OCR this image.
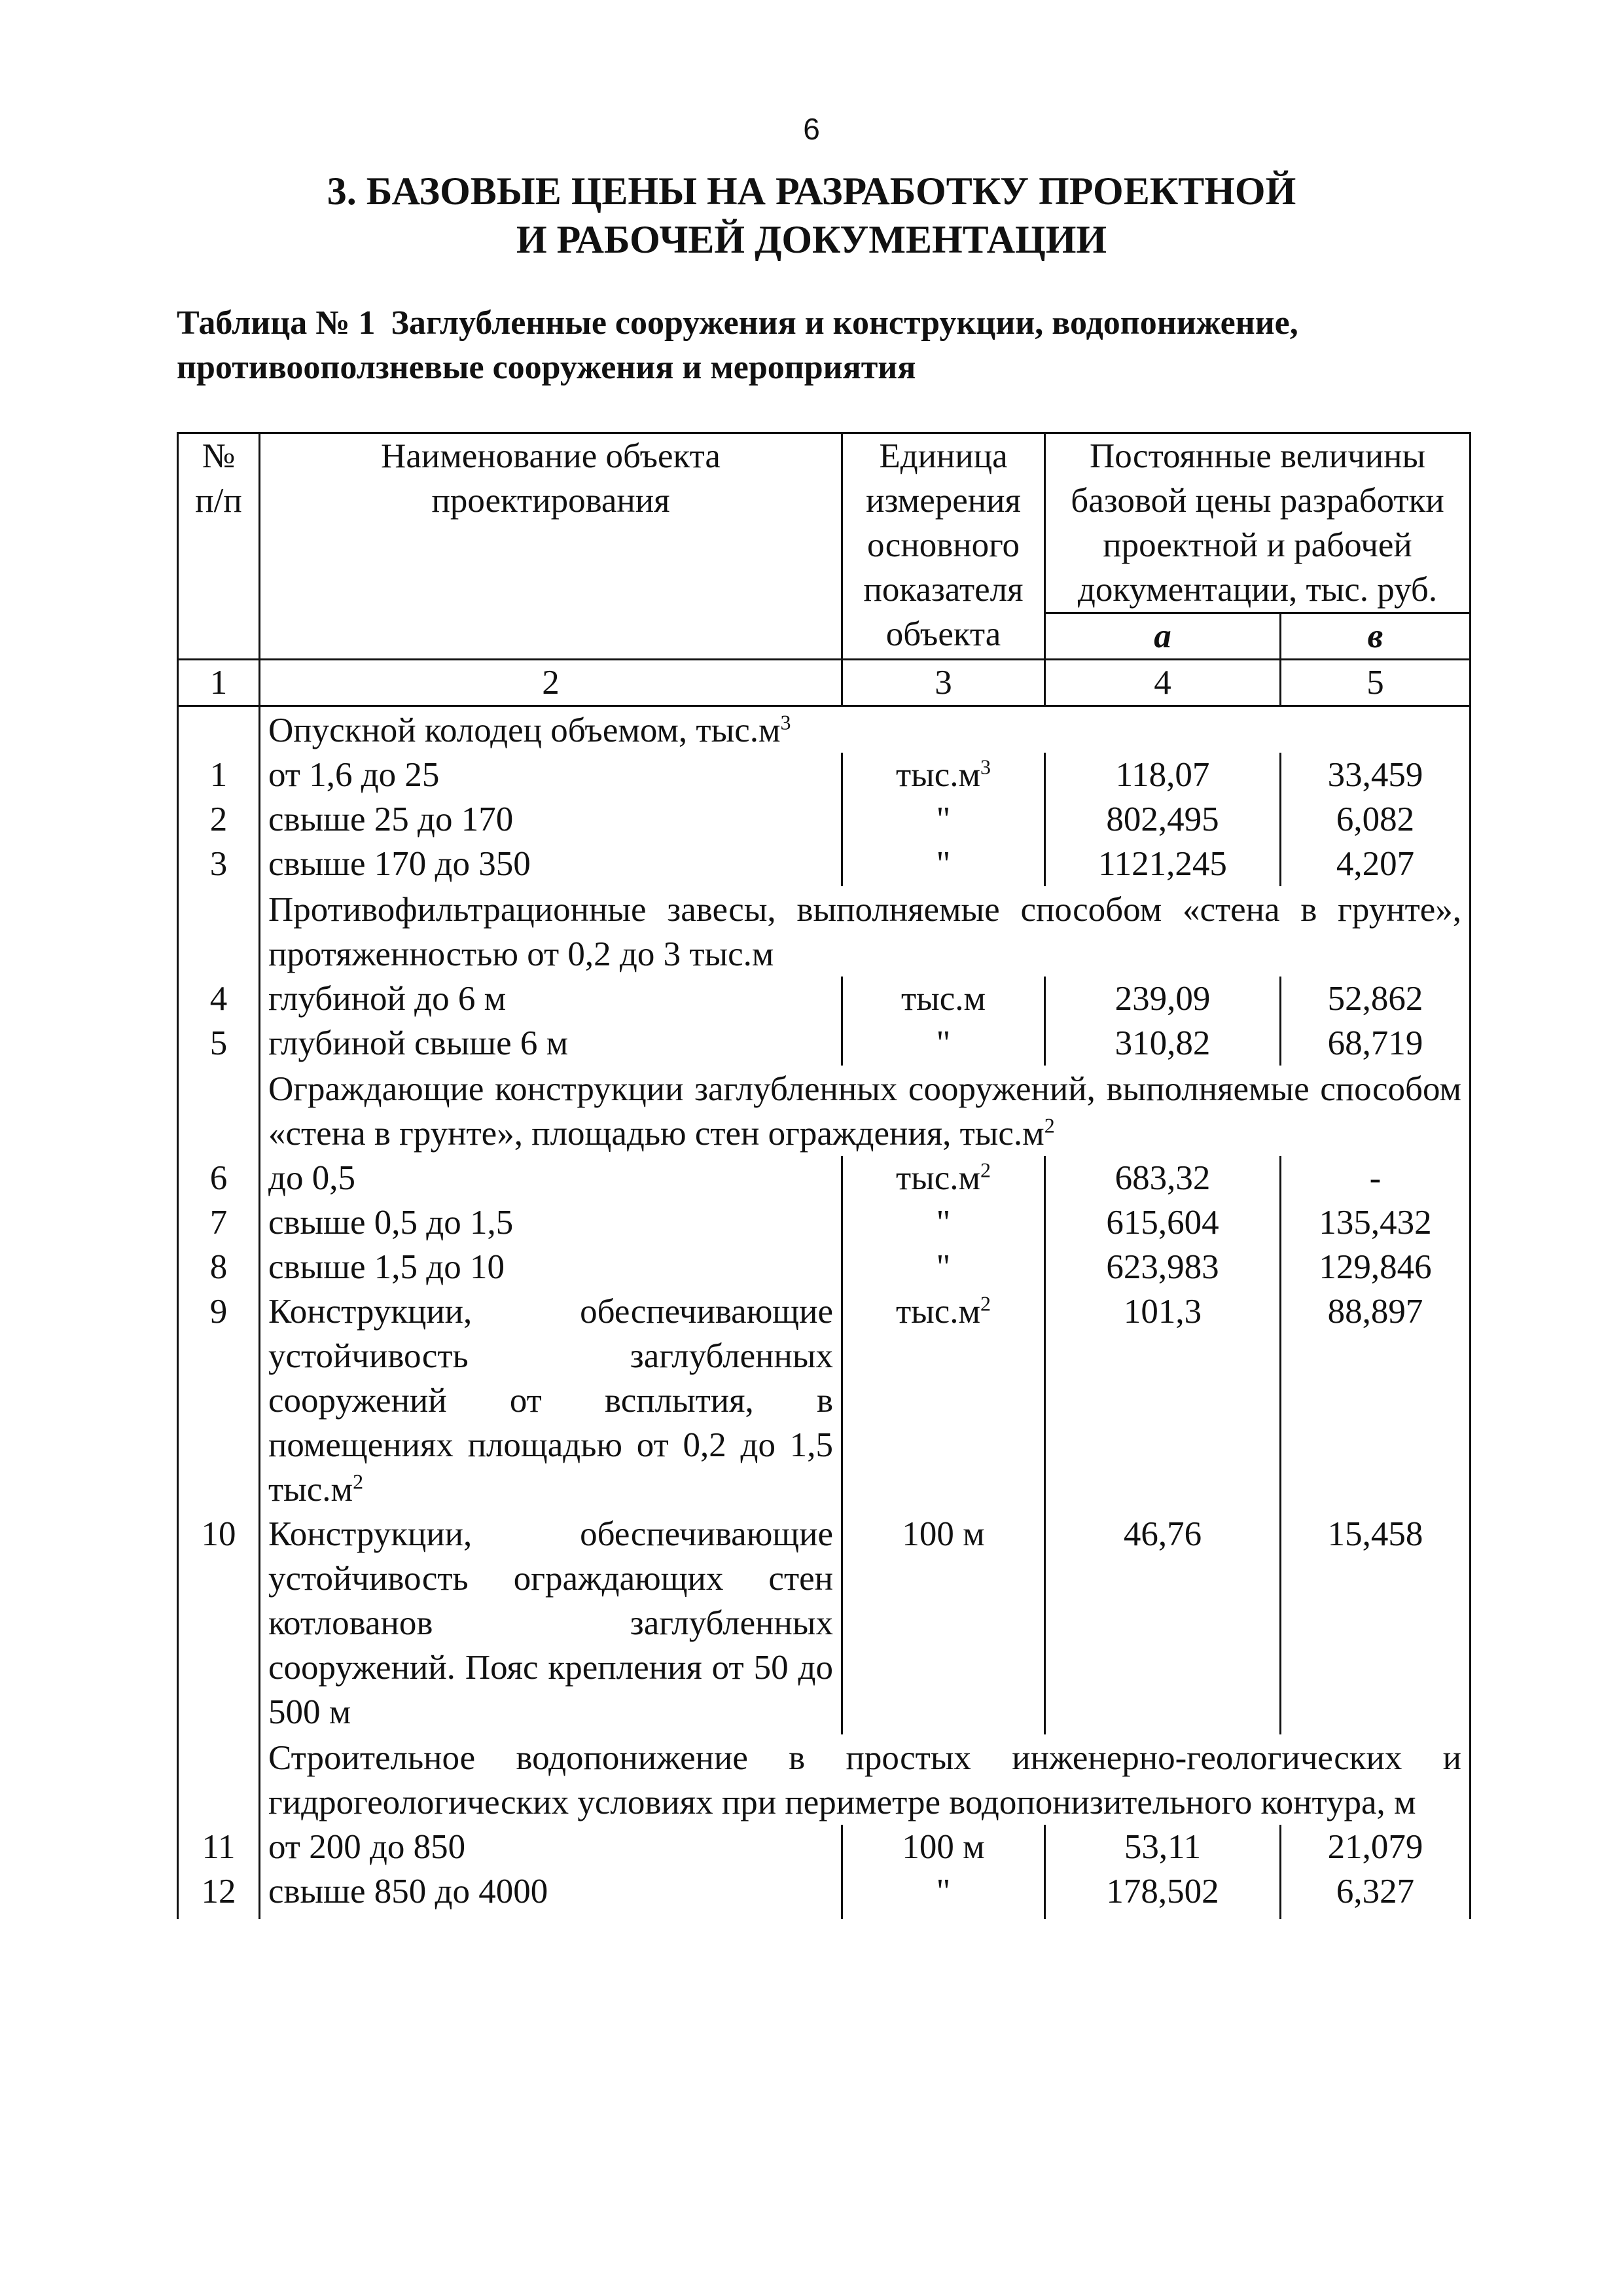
6
3. БАЗОВЫЕ ЦЕНЫ НА РАЗРАБОТКУ ПРОЕКТНОЙ
И РАБОЧЕЙ ДОКУМЕНТАЦИИ
Таблица № 1 Заглубленные сооружения и конструкции, водопонижение, противооползневые сооружения и мероприятия
№ п/п	Наименование объекта проектирования	Единица измерения основного показателя объекта	Постоянные величины базовой цены разработки проектной и рабочей документации, тыс. руб.	
			а	в
1	2	3	4	5
	Опускной колодец объемом, $тыс.м^3$
1	от 1,6 до 25	$тыс.м^3$	118,07	33,459
2	свыше 25 до 170	"	802,495	6,082
3	свыше 170 до 350	"	1121,245	4,207
	Противофильтрационные завесы, выполняемые способом «стена в грунте», протяженностью от 0,2 до 3 тыс.м			
4	глубиной до 6 м	тыс.м	239,09	52,862
5	глубиной свыше 6 м	"	310,82	68,719
	Ограждающие конструкции заглубленных сооружений, выполняемые способом «стена в грунте», площадью стен ограждения, $тыс.м^2$
6	до 0,5	$тыс.м^2$	683,32	-
7	свыше 0,5 до 1,5	"	615,604	135,432
8	свыше 1,5 до 10	"	623,983	129,846
9	Конструкции, обеспечивающие устойчивость заглубленных сооружений от всплытия, в помещениях площадью от 0,2 до 1,5 $тыс.м^2$	$тыс.м^2$	101,3	88,897
10	Конструкции, обеспечивающие устойчивость ограждающих стен котлованов заглубленных сооружений. Пояс крепления от 50 до 500 м	100 м	46,76	15,458
	Строительное водопонижение в простых инженерно-геологических и гидрогеологических условиях при периметре водопонизительного контура, м			
11	от 200 до 850	100 м	53,11	21,079
12	свыше 850 до 4000	"	178,502	6,327
